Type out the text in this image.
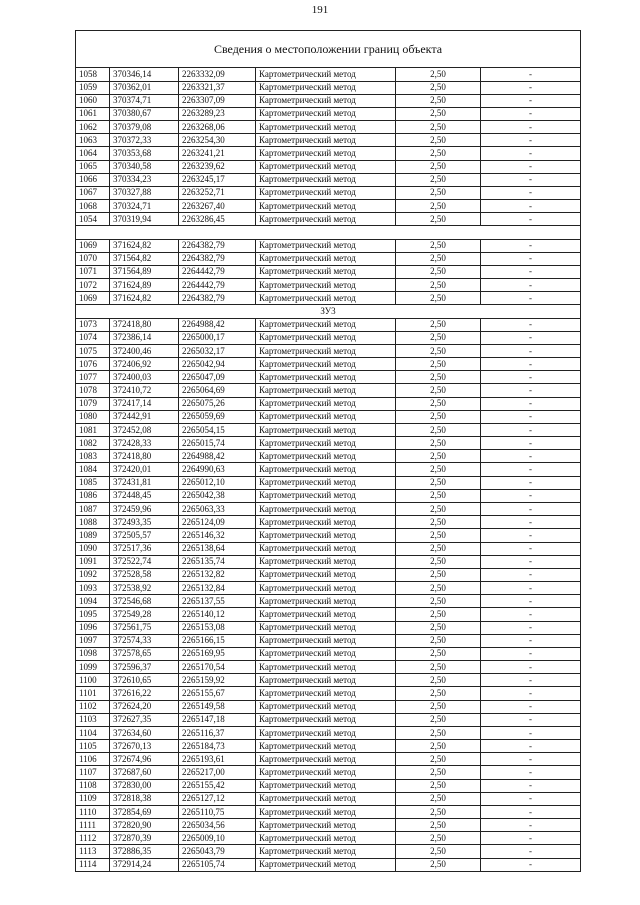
191
Сведения о местоположении границ объекта					
1058	370346,14	2263332,09	Картометрический метод	2,50	-
1059	370362,01	2263321,37	Картометрический метод	2,50	-
1060	370374,71	2263307,09	Картометрический метод	2,50	-
1061	370380,67	2263289,23	Картометрический метод	2,50	-
1062	370379,08	2263268,06	Картометрический метод	2,50	-
1063	370372,33	2263254,30	Картометрический метод	2,50	-
1064	370353,68	2263241,21	Картометрический метод	2,50	-
1065	370340,58	2263239,62	Картометрический метод	2,50	-
1066	370334,23	2263245,17	Картометрический метод	2,50	-
1067	370327,88	2263252,71	Картометрический метод	2,50	-
1068	370324,71	2263267,40	Картометрический метод	2,50	-
1054	370319,94	2263286,45	Картометрический метод	2,50	-

1069	371624,82	2264382,79	Картометрический метод	2,50	-
1070	371564,82	2264382,79	Картометрический метод	2,50	-
1071	371564,89	2264442,79	Картометрический метод	2,50	-
1072	371624,89	2264442,79	Картометрический метод	2,50	-
1069	371624,82	2264382,79	Картометрический метод	2,50	-
ЗУ3					
1073	372418,80	2264988,42	Картометрический метод	2,50	-
1074	372386,14	2265000,17	Картометрический метод	2,50	-
1075	372400,46	2265032,17	Картометрический метод	2,50	-
1076	372406,92	2265042,94	Картометрический метод	2,50	-
1077	372400,03	2265047,09	Картометрический метод	2,50	-
1078	372410,72	2265064,69	Картометрический метод	2,50	-
1079	372417,14	2265075,26	Картометрический метод	2,50	-
1080	372442,91	2265059,69	Картометрический метод	2,50	-
1081	372452,08	2265054,15	Картометрический метод	2,50	-
1082	372428,33	2265015,74	Картометрический метод	2,50	-
1083	372418,80	2264988,42	Картометрический метод	2,50	-
1084	372420,01	2264990,63	Картометрический метод	2,50	-
1085	372431,81	2265012,10	Картометрический метод	2,50	-
1086	372448,45	2265042,38	Картометрический метод	2,50	-
1087	372459,96	2265063,33	Картометрический метод	2,50	-
1088	372493,35	2265124,09	Картометрический метод	2,50	-
1089	372505,57	2265146,32	Картометрический метод	2,50	-
1090	372517,36	2265138,64	Картометрический метод	2,50	-
1091	372522,74	2265135,74	Картометрический метод	2,50	-
1092	372528,58	2265132,82	Картометрический метод	2,50	-
1093	372538,92	2265132,84	Картометрический метод	2,50	-
1094	372546,68	2265137,55	Картометрический метод	2,50	-
1095	372549,28	2265140,12	Картометрический метод	2,50	-
1096	372561,75	2265153,08	Картометрический метод	2,50	-
1097	372574,33	2265166,15	Картометрический метод	2,50	-
1098	372578,65	2265169,95	Картометрический метод	2,50	-
1099	372596,37	2265170,54	Картометрический метод	2,50	-
1100	372610,65	2265159,92	Картометрический метод	2,50	-
1101	372616,22	2265155,67	Картометрический метод	2,50	-
1102	372624,20	2265149,58	Картометрический метод	2,50	-
1103	372627,35	2265147,18	Картометрический метод	2,50	-
1104	372634,60	2265116,37	Картометрический метод	2,50	-
1105	372670,13	2265184,73	Картометрический метод	2,50	-
1106	372674,96	2265193,61	Картометрический метод	2,50	-
1107	372687,60	2265217,00	Картометрический метод	2,50	-
1108	372830,00	2265155,42	Картометрический метод	2,50	-
1109	372818,38	2265127,12	Картометрический метод	2,50	-
1110	372854,69	2265110,75	Картометрический метод	2,50	-
1111	372820,90	2265034,56	Картометрический метод	2,50	-
1112	372870,39	2265009,10	Картометрический метод	2,50	-
1113	372886,35	2265043,79	Картометрический метод	2,50	-
1114	372914,24	2265105,74	Картометрический метод	2,50	-
